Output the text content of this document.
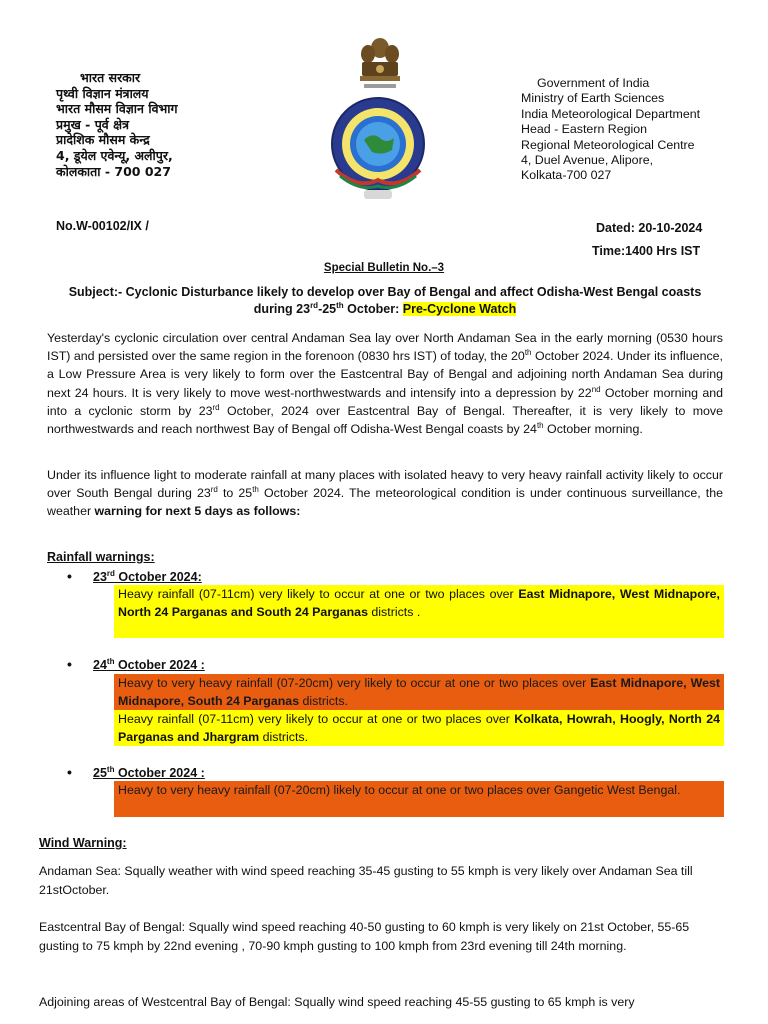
भारत सरकार
पृथ्वी विज्ञान मंत्रालय
भारत मौसम विज्ञान विभाग
प्रमुख - पूर्व क्षेत्र
प्रादेशिक मौसम केन्द्र
4, डूयेल एवेन्यू, अलीपुर,
कोलकाता - 700 027
Government of India
Ministry of Earth Sciences
India Meteorological Department
Head - Eastern Region
Regional Meteorological Centre
4, Duel Avenue, Alipore,
Kolkata-700 027
No.W-00102/IX /	Dated: 20-10-2024
Time:1400 Hrs IST
Special Bulletin No.–3
Subject:- Cyclonic Disturbance likely to develop over Bay of Bengal and affect Odisha-West Bengal coasts during 23rd-25th October: Pre-Cyclone Watch
Yesterday's cyclonic circulation over central Andaman Sea lay over North Andaman Sea in the early morning (0530 hours IST) and persisted over the same region in the forenoon (0830 hrs IST) of today, the 20th October 2024. Under its influence, a Low Pressure Area is very likely to form over the Eastcentral Bay of Bengal and adjoining north Andaman Sea during next 24 hours. It is very likely to move west-northwestwards and intensify into a depression by 22nd October morning and into a cyclonic storm by 23rd October, 2024 over Eastcentral Bay of Bengal. Thereafter, it is very likely to move northwestwards and reach northwest Bay of Bengal off Odisha-West Bengal coasts by 24th October morning.
Under its influence light to moderate rainfall at many places with isolated heavy to very heavy rainfall activity likely to occur over South Bengal during 23rd to 25th October 2024. The meteorological condition is under continuous surveillance, the weather warning for next 5 days as follows:
Rainfall warnings:
• 23rd October 2024:
Heavy rainfall (07-11cm) very likely to occur at one or two places over East Midnapore, West Midnapore, North 24 Parganas and South 24 Parganas districts .
• 24th October 2024 :
Heavy to very heavy rainfall (07-20cm) very likely to occur at one or two places over East Midnapore, West Midnapore, South 24 Parganas districts.
Heavy rainfall (07-11cm) very likely to occur at one or two places over Kolkata, Howrah, Hoogly, North 24 Parganas and Jhargram districts.
• 25th October 2024 :
Heavy to very heavy rainfall (07-20cm) likely to occur at one or two places over Gangetic West Bengal.
Wind Warning:
Andaman Sea: Squally weather with wind speed reaching 35-45 gusting to 55 kmph is very likely over Andaman Sea till 21stOctober.
Eastcentral Bay of Bengal: Squally wind speed reaching 40-50 gusting to 60 kmph is very likely on 21st October, 55-65 gusting to 75 kmph by 22nd evening , 70-90 kmph gusting to 100 kmph from 23rd evening till 24th morning.
Adjoining areas of Westcentral Bay of Bengal: Squally wind speed reaching 45-55 gusting to 65 kmph is very
